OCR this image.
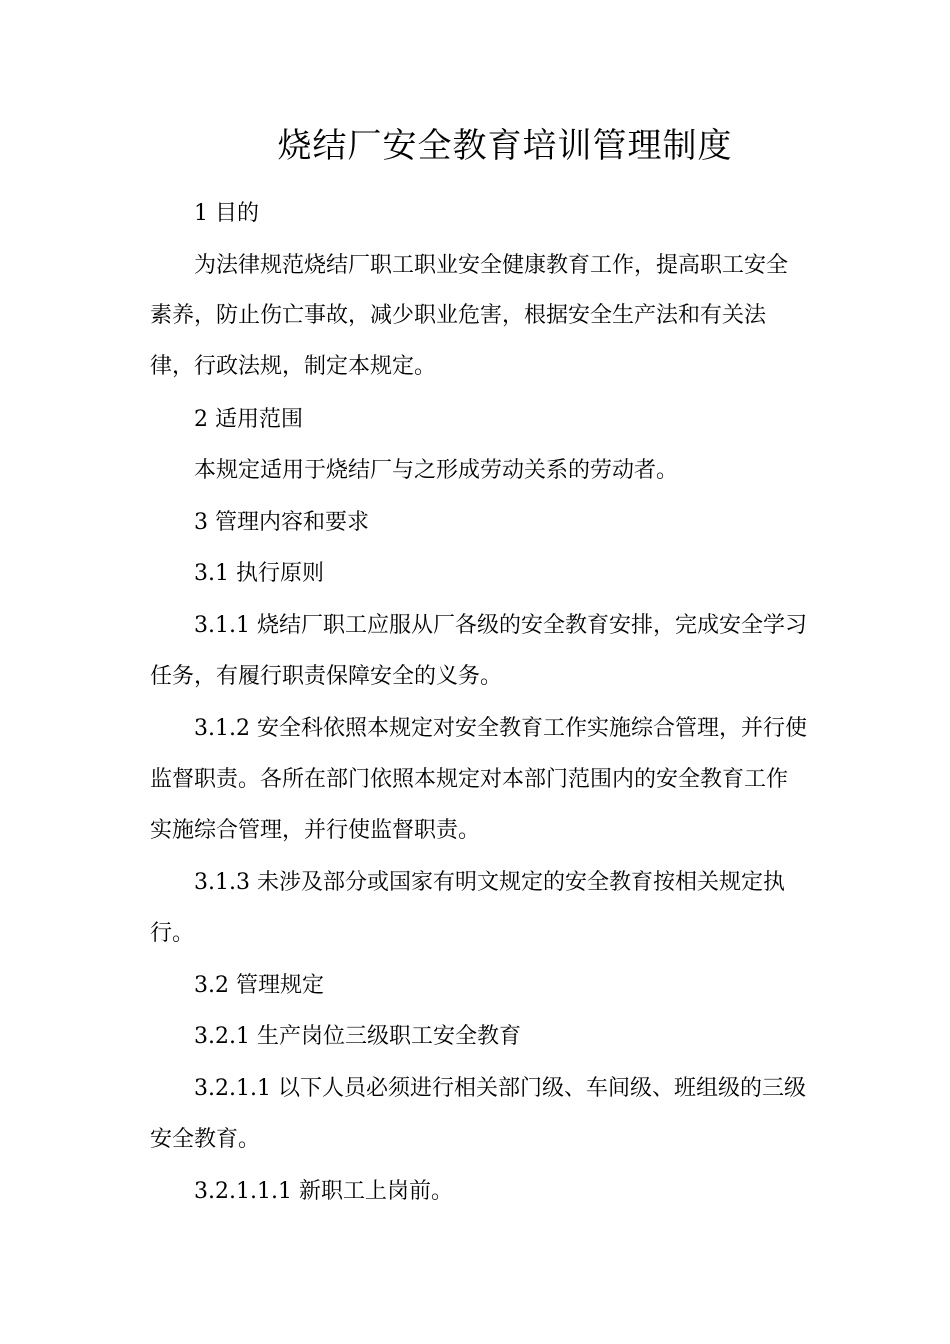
烧结厂安全教育培训管理制度
1 目的
为法律规范烧结厂职工职业安全健康教育工作，提高职工安全
素养，防止伤亡事故，减少职业危害，根据安全生产法和有关法
律，行政法规，制定本规定。
2 适用范围
本规定适用于烧结厂与之形成劳动关系的劳动者。
3 管理内容和要求
3.1 执行原则
3.1.1 烧结厂职工应服从厂各级的安全教育安排，完成安全学习
任务，有履行职责保障安全的义务。
3.1.2 安全科依照本规定对安全教育工作实施综合管理，并行使
监督职责。各所在部门依照本规定对本部门范围内的安全教育工作
实施综合管理，并行使监督职责。
3.1.3 未涉及部分或国家有明文规定的安全教育按相关规定执
行。
3.2 管理规定
3.2.1 生产岗位三级职工安全教育
3.2.1.1 以下人员必须进行相关部门级、车间级、班组级的三级
安全教育。
3.2.1.1.1 新职工上岗前。
